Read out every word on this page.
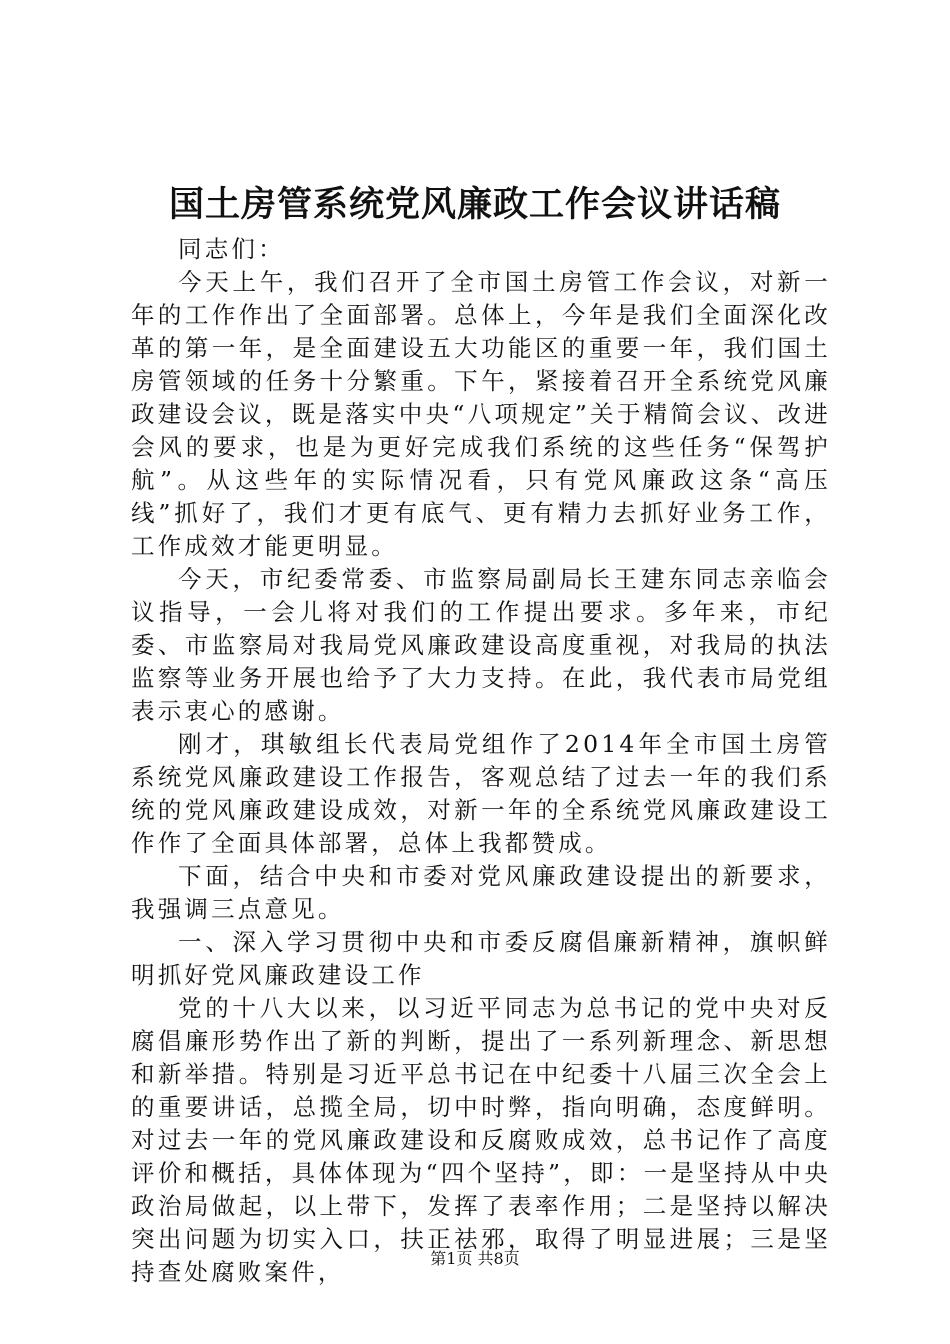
国土房管系统党风廉政工作会议讲话稿

同志们：

今天上午，我们召开了全市国土房管工作会议，对新一年的工作作出了全面部署。总体上，今年是我们全面深化改革的第一年，是全面建设五大功能区的重要一年，我们国土房管领域的任务十分繁重。下午，紧接着召开全系统党风廉政建设会议，既是落实中央“八项规定”关于精简会议、改进会风的要求，也是为更好完成我们系统的这些任务“保驾护航”。从这些年的实际情况看，只有党风廉政这条“高压线”抓好了，我们才更有底气、更有精力去抓好业务工作，工作成效才能更明显。

今天，市纪委常委、市监察局副局长王建东同志亲临会议指导，一会儿将对我们的工作提出要求。多年来，市纪委、市监察局对我局党风廉政建设高度重视，对我局的执法监察等业务开展也给予了大力支持。在此，我代表市局党组表示衷心的感谢。

刚才，琪敏组长代表局党组作了2014年全市国土房管系统党风廉政建设工作报告，客观总结了过去一年的我们系统的党风廉政建设成效，对新一年的全系统党风廉政建设工作作了全面具体部署，总体上我都赞成。

下面，结合中央和市委对党风廉政建设提出的新要求，我强调三点意见。

一、深入学习贯彻中央和市委反腐倡廉新精神，旗帜鲜明抓好党风廉政建设工作

党的十八大以来，以习近平同志为总书记的党中央对反腐倡廉形势作出了新的判断，提出了一系列新理念、新思想和新举措。特别是习近平总书记在中纪委十八届三次全会上的重要讲话，总揽全局，切中时弊，指向明确，态度鲜明。对过去一年的党风廉政建设和反腐败成效，总书记作了高度评价和概括，具体体现为“四个坚持”，即：一是坚持从中央政治局做起，以上带下，发挥了表率作用；二是坚持以解决突出问题为切实入口，扶正祛邪，取得了明显进展；三是坚持查处腐败案件，	第1页 共8页
